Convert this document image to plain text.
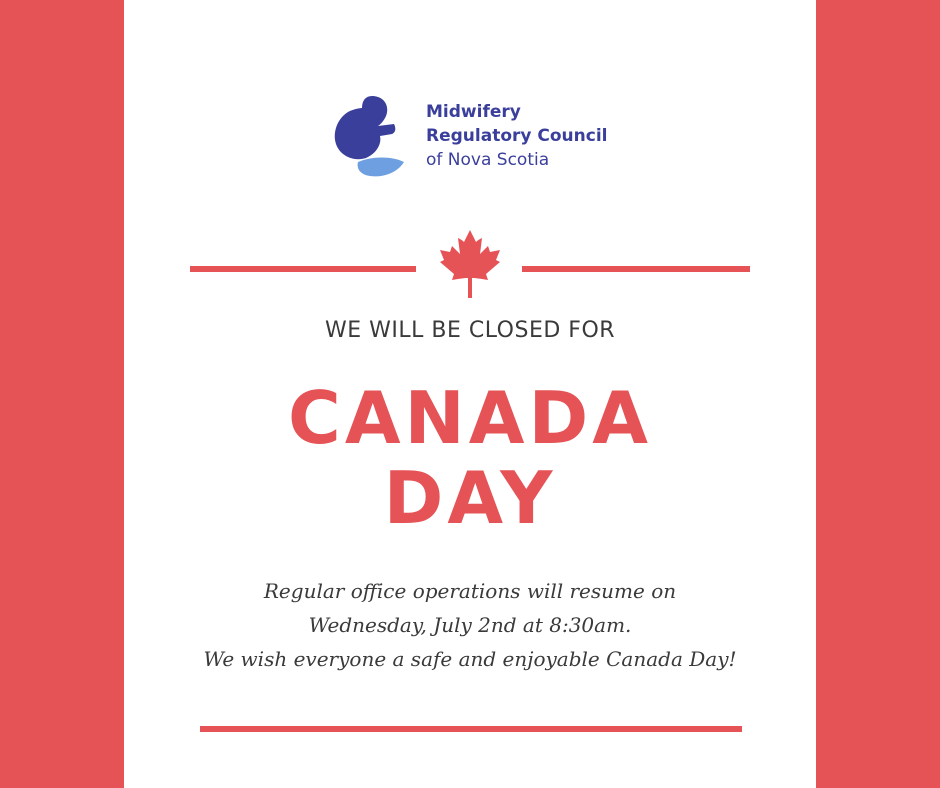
Midwifery
Regulatory Council
of Nova Scotia
WE WILL BE CLOSED FOR
CANADA
DAY
Regular office operations will resume on
Wednesday, July 2nd at 8:30am.
We wish everyone a safe and enjoyable Canada Day!
